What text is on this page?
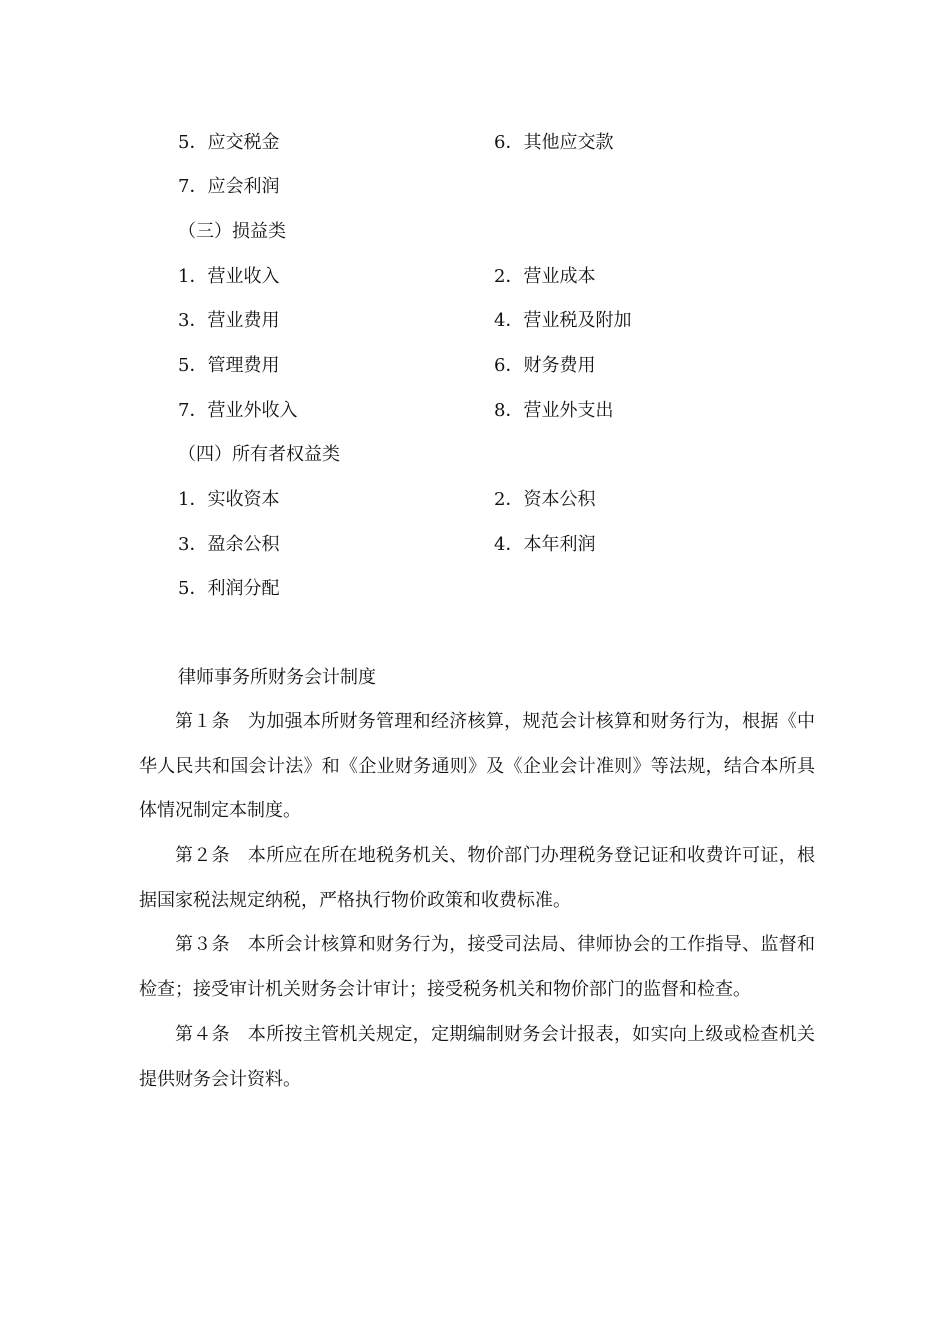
5．应交税金	6．其他应交款
7．应会利润
（三）损益类
1．营业收入	2．营业成本
3．营业费用	4．营业税及附加
5．管理费用	6．财务费用
7．营业外收入	8．营业外支出
（四）所有者权益类
1．实收资本	2．资本公积
3．盈余公积	4．本年利润
5．利润分配
律师事务所财务会计制度
第１条 为加强本所财务管理和经济核算，规范会计核算和财务行为，根据《中华人民共和国会计法》和《企业财务通则》及《企业会计准则》等法规，结合本所具体情况制定本制度。
第２条 本所应在所在地税务机关、物价部门办理税务登记证和收费许可证，根据国家税法规定纳税，严格执行物价政策和收费标准。
第３条 本所会计核算和财务行为，接受司法局、律师协会的工作指导、监督和检查；接受审计机关财务会计审计；接受税务机关和物价部门的监督和检查。
第４条 本所按主管机关规定，定期编制财务会计报表，如实向上级或检查机关提供财务会计资料。
